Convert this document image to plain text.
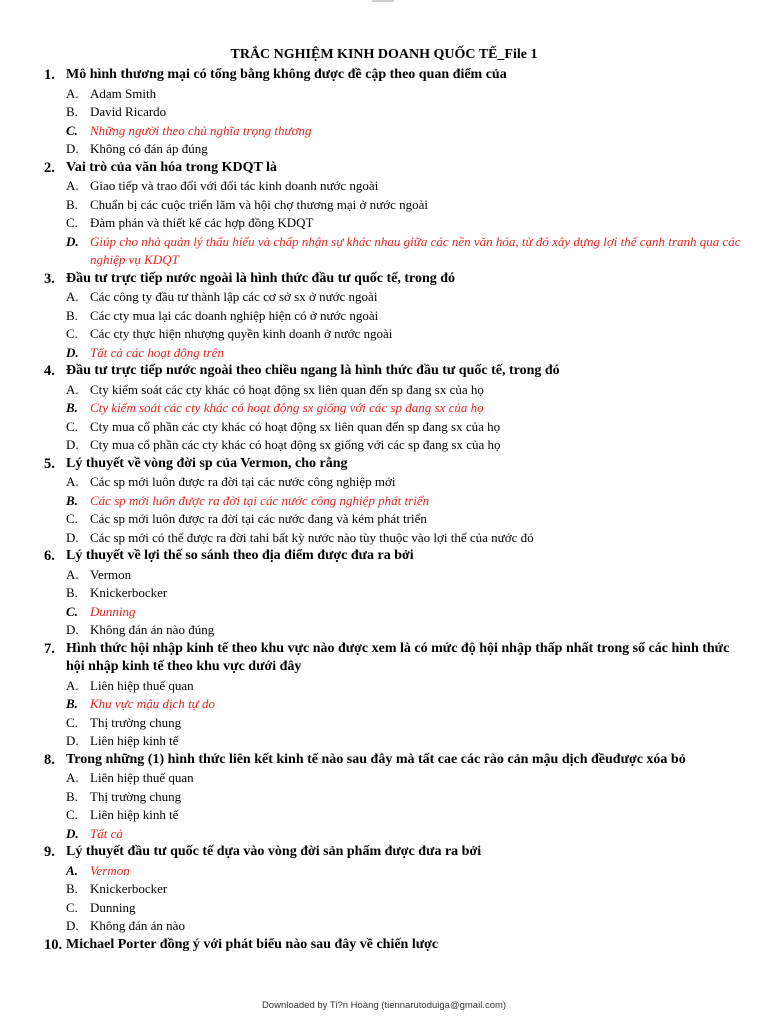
TRẮC NGHIỆM KINH DOANH QUỐC TẾ_File 1
1. Mô hình thương mại có tổng bằng không được đề cập theo quan điểm của
A. Adam Smith
B. David Ricardo
C. Những người theo chủ nghĩa trọng thương
D. Không có đán áp đúng
2. Vai trò của văn hóa trong KDQT là
A. Giao tiếp và trao đổi với đối tác kinh doanh nước ngoài
B. Chuẩn bị các cuộc triển lãm và hội chợ thương mại ở nước ngoài
C. Đàm phán và thiết kế các hợp đồng KDQT
D. Giúp cho nhà quản lý thấu hiểu và chấp nhận sự khác nhau giữa các nền văn hóa, từ đó xây dựng lợi thế cạnh tranh qua các nghiệp vụ KDQT
3. Đầu tư trực tiếp nước ngoài là hình thức đầu tư quốc tế, trong đó
A. Các công ty đầu tư thành lập các cơ sở sx ở nước ngoài
B. Các cty mua lại các doanh nghiệp hiện có ở nước ngoài
C. Các cty thực hiện nhượng quyền kinh doanh ở nước ngoài
D. Tất cả các hoạt động trên
4. Đầu tư trực tiếp nước ngoài theo chiều ngang là hình thức đầu tư quốc tế, trong đó
A. Cty kiểm soát các cty khác có hoạt động sx liên quan đến sp đang sx của họ
B. Cty kiểm soát các cty khác có hoạt động sx giống với các sp đang sx của họ
C. Cty mua cổ phần các cty khác có hoạt động sx liên quan đến sp đang sx của họ
D. Cty mua cổ phần các cty khác có hoạt động sx giống với các sp đang sx của họ
5. Lý thuyết về vòng đời sp của Vermon, cho rằng
A. Các sp mới luôn được ra đời tại các nước công nghiệp mới
B. Các sp mới luôn được ra đời tại các nước công nghiệp phát triển
C. Các sp mới luôn được ra đời tại các nước đang và kém phát triển
D. Các sp mới có thể được ra đời tahi bất kỳ nước nào tùy thuộc vào lợi thế của nước đó
6. Lý thuyết về lợi thế so sánh theo địa điểm được đưa ra bởi
A. Vermon
B. Knickerbocker
C. Dunning
D. Không đán án nào đúng
7. Hình thức hội nhập kinh tế theo khu vực nào được xem là có mức độ hội nhập thấp nhất trong số các hình thức hội nhập kinh tế theo khu vực dưới đây
A. Liên hiệp thuế quan
B. Khu vực mậu dịch tự do
C. Thị trường chung
D. Liên hiệp kinh tế
8. Trong những (1) hình thức liên kết kinh tế nào sau đây mà tất cae các rào cản mậu dịch đềuđược xóa bỏ
A. Liên hiệp thuế quan
B. Thị trường chung
C. Liên hiệp kinh tế
D. Tất cả
9. Lý thuyết đầu tư quốc tế dựa vào vòng đời sản phẩm được đưa ra bởi
A. Vermon
B. Knickerbocker
C. Dunning
D. Không đán án nào
10. Michael Porter đồng ý với phát biểu nào sau đây về chiến lược
Downloaded by Ti?n Hoàng (tiennarutoduiga@gmail.com)
